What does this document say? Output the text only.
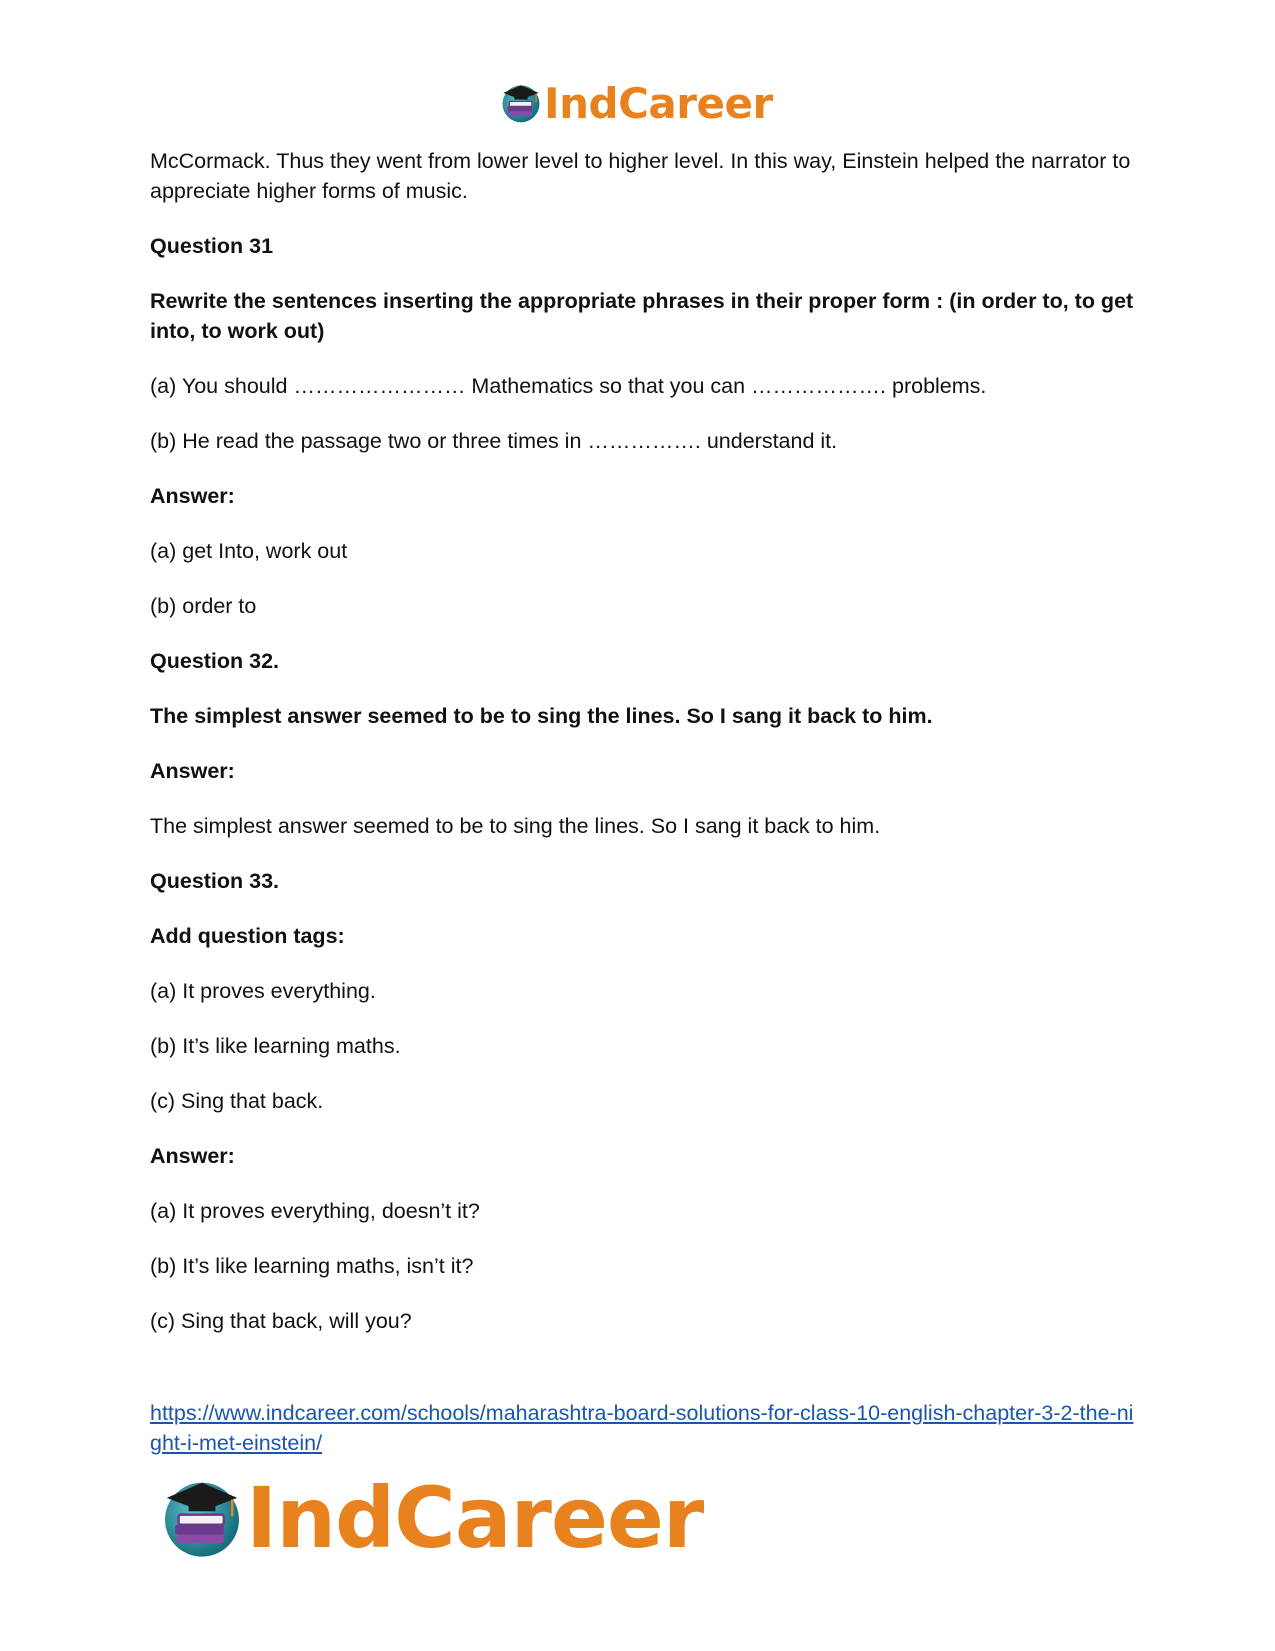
IndCareer

McCormack. Thus they went from lower level to higher level. In this way, Einstein helped the narrator to appreciate higher forms of music.

Question 31

Rewrite the sentences inserting the appropriate phrases in their proper form : (in order to, to get into, to work out)

(a) You should …………………… Mathematics so that you can ………………. problems.

(b) He read the passage two or three times in ……………. understand it.

Answer:

(a) get Into, work out

(b) order to

Question 32.

The simplest answer seemed to be to sing the lines. So I sang it back to him.

Answer:

The simplest answer seemed to be to sing the lines. So I sang it back to him.

Question 33.

Add question tags:

(a) It proves everything.

(b) It’s like learning maths.

(c) Sing that back.

Answer:

(a) It proves everything, doesn’t it?

(b) It’s like learning maths, isn’t it?

(c) Sing that back, will you?

https://www.indcareer.com/schools/maharashtra-board-solutions-for-class-10-english-chapter-3-2-the-night-i-met-einstein/
IndCareer
